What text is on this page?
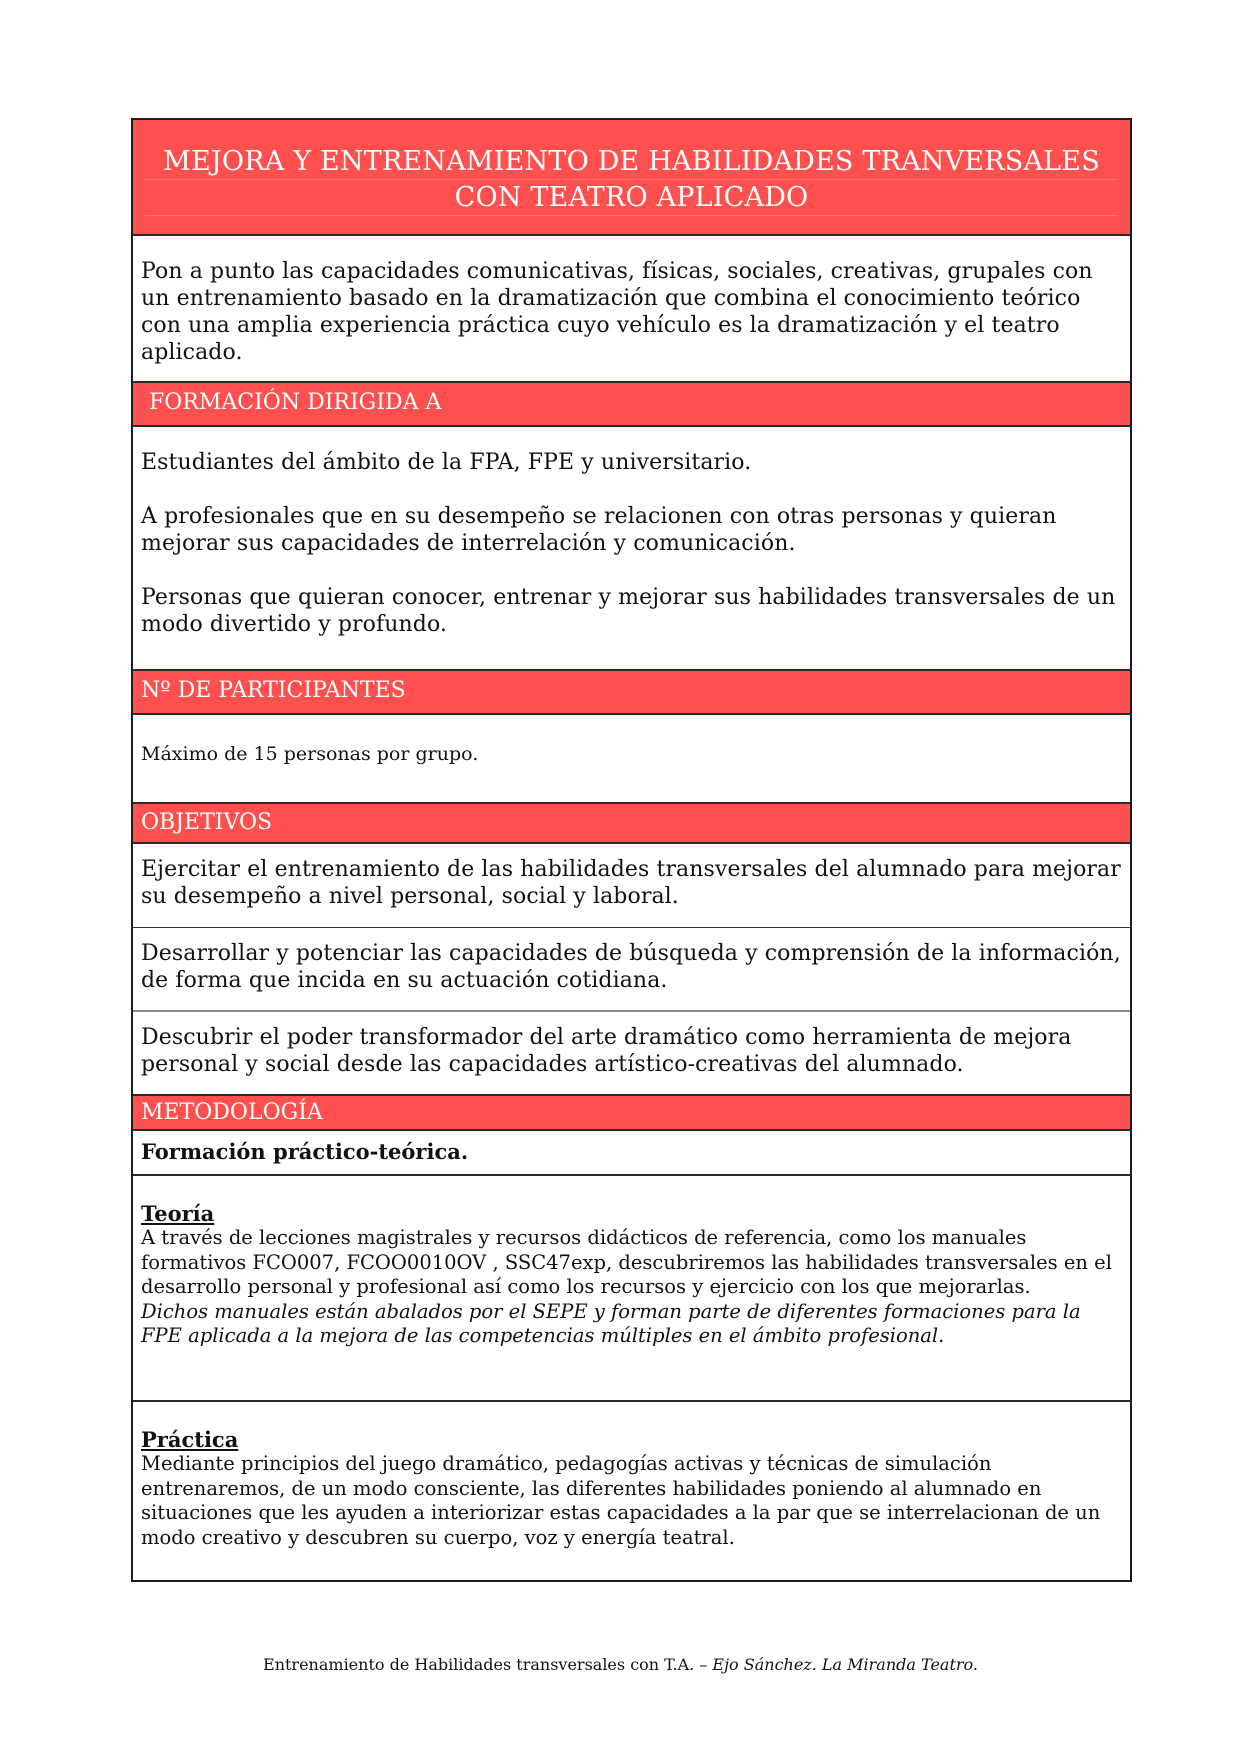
MEJORA Y ENTRENAMIENTO DE HABILIDADES TRANVERSALES
CON TEATRO APLICADO
Pon a punto las capacidades comunicativas, físicas, sociales, creativas, grupales con un entrenamiento basado en la dramatización que combina el conocimiento teórico con una amplia experiencia práctica cuyo vehículo es la dramatización y el teatro aplicado.
FORMACIÓN DIRIGIDA A

Estudiantes del ámbito de la FPA, FPE y universitario.

A profesionales que en su desempeño se relacionen con otras personas y quieran mejorar sus capacidades de interrelación y comunicación.

Personas que quieran conocer, entrenar y mejorar sus habilidades transversales de un modo divertido y profundo.

Nº DE PARTICIPANTES
Máximo de 15 personas por grupo.
OBJETIVOS
Ejercitar el entrenamiento de las habilidades transversales del alumnado para mejorar su desempeño a nivel personal, social y laboral.
Desarrollar y potenciar las capacidades de búsqueda y comprensión de la información, de forma que incida en su actuación cotidiana.
Descubrir el poder transformador del arte dramático como herramienta de mejora personal y social desde las capacidades artístico-creativas del alumnado.
METODOLOGÍA
Formación práctico-teórica.
Teoría
A través de lecciones magistrales y recursos didácticos de referencia, como los manuales formativos FCO007, FCOO0010OV , SSC47exp, descubriremos las habilidades transversales en el desarrollo personal y profesional así como los recursos y ejercicio con los que mejorarlas.
Dichos manuales están abalados por el SEPE y forman parte de diferentes formaciones para la FPE aplicada a la mejora de las competencias múltiples en el ámbito profesional.
Práctica
Mediante principios del juego dramático, pedagogías activas y técnicas de simulación entrenaremos, de un modo consciente, las diferentes habilidades poniendo al alumnado en situaciones que les ayuden a interiorizar estas capacidades a la par que se interrelacionan de un modo creativo y descubren su cuerpo, voz y energía teatral.
Entrenamiento de Habilidades transversales con T.A. – Ejo Sánchez. La Miranda Teatro.
